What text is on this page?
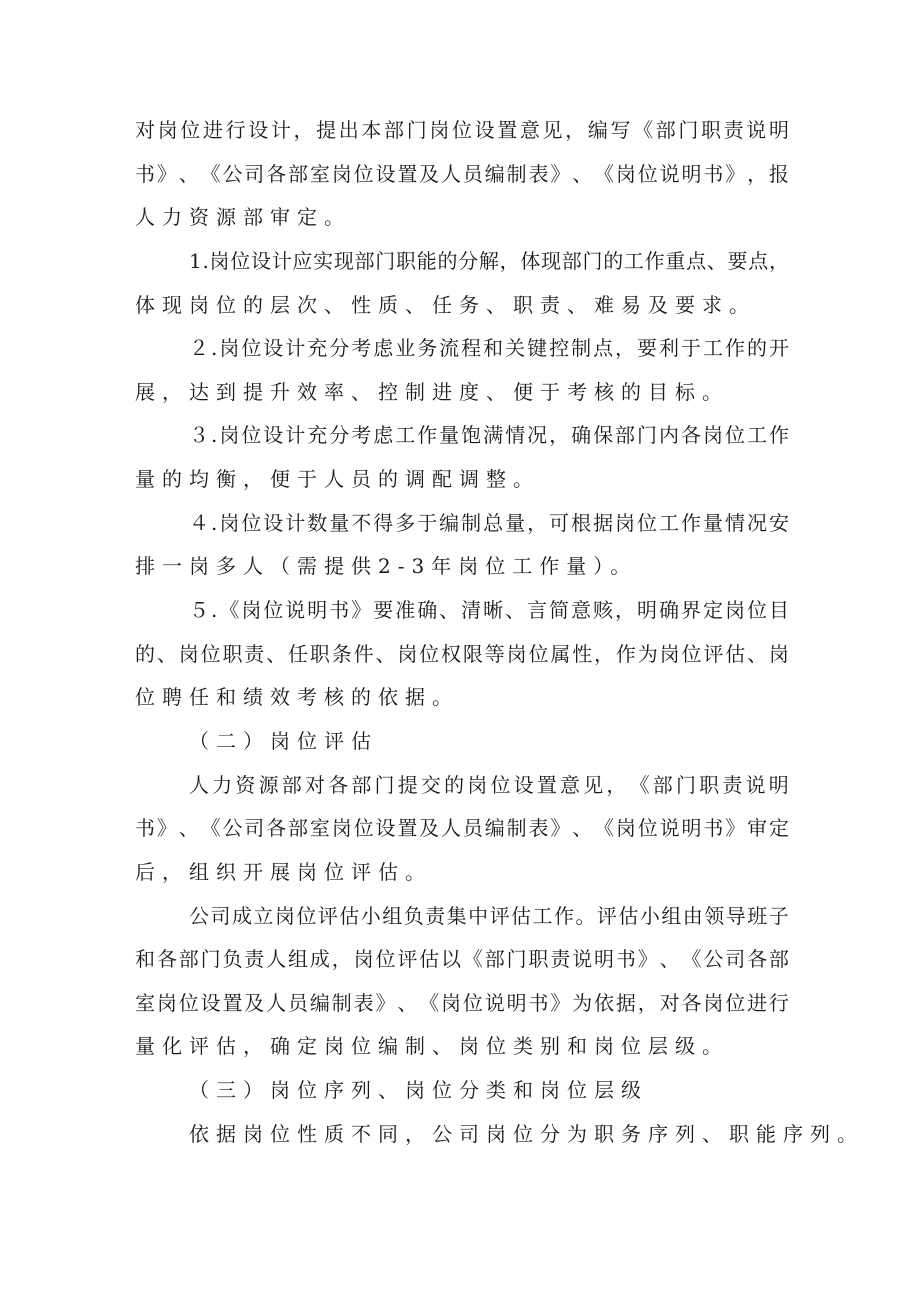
对 岗 位 进 行 设 计 ， 提 出 本 部 门 岗 位 设 置 意 见 ， 编 写 《 部 门 职 责 说 明
书 》 、 《 公 司 各 部 室 岗 位 设 置 及 人 员 编 制 表 》 、 《 岗 位 说 明 书 》 ， 报
人力资源部审定。
1 . 岗 位 设 计 应 实 现 部 门 职 能 的 分 解 ， 体 现 部 门 的 工 作 重 点 、 要 点 ，
体现岗位的层次、性质、任务、职责、难易及要求。
２ . 岗 位 设 计 充 分 考 虑 业 务 流 程 和 关 键 控 制 点 ， 要 利 于 工 作 的 开
展，达到提升效率、控制进度、便于考核的目标。
３ . 岗 位 设 计 充 分 考 虑 工 作 量 饱 满 情 况 ， 确 保 部 门 内 各 岗 位 工 作
量的均衡，便于人员的调配调整。
４ . 岗 位 设 计 数 量 不 得 多 于 编 制 总 量 ， 可 根 据 岗 位 工 作 量 情 况 安
排一岗多人（需提供2-3年岗位工作量）。
５ . 《 岗 位 说 明 书 》 要 准 确 、 清 晰 、 言 简 意 赅 ， 明 确 界 定 岗 位 目
的 、 岗 位 职 责 、 任 职 条 件 、 岗 位 权 限 等 岗 位 属 性 ， 作 为 岗 位 评 估 、 岗
位聘任和绩效考核的依据。
（二）岗位评估
人 力 资 源 部 对 各 部 门 提 交 的 岗 位 设 置 意 见 ， 《 部 门 职 责 说 明
书 》 、 《 公 司 各 部 室 岗 位 设 置 及 人 员 编 制 表 》 、 《 岗 位 说 明 书 》 审 定
后，组织开展岗位评估。
公 司 成 立 岗 位 评 估 小 组 负 责 集 中 评 估 工 作 。 评 估 小 组 由 领 导 班 子
和 各 部 门 负 责 人 组 成 ， 岗 位 评 估 以 《 部 门 职 责 说 明 书 》 、 《 公 司 各 部
室 岗 位 设 置 及 人 员 编 制 表 》 、 《 岗 位 说 明 书 》 为 依 据 ， 对 各 岗 位 进 行
量化评估，确定岗位编制、岗位类别和岗位层级。
（三）岗位序列、岗位分类和岗位层级
依据岗位性质不同，公司岗位分为职务序列、职能序列。
